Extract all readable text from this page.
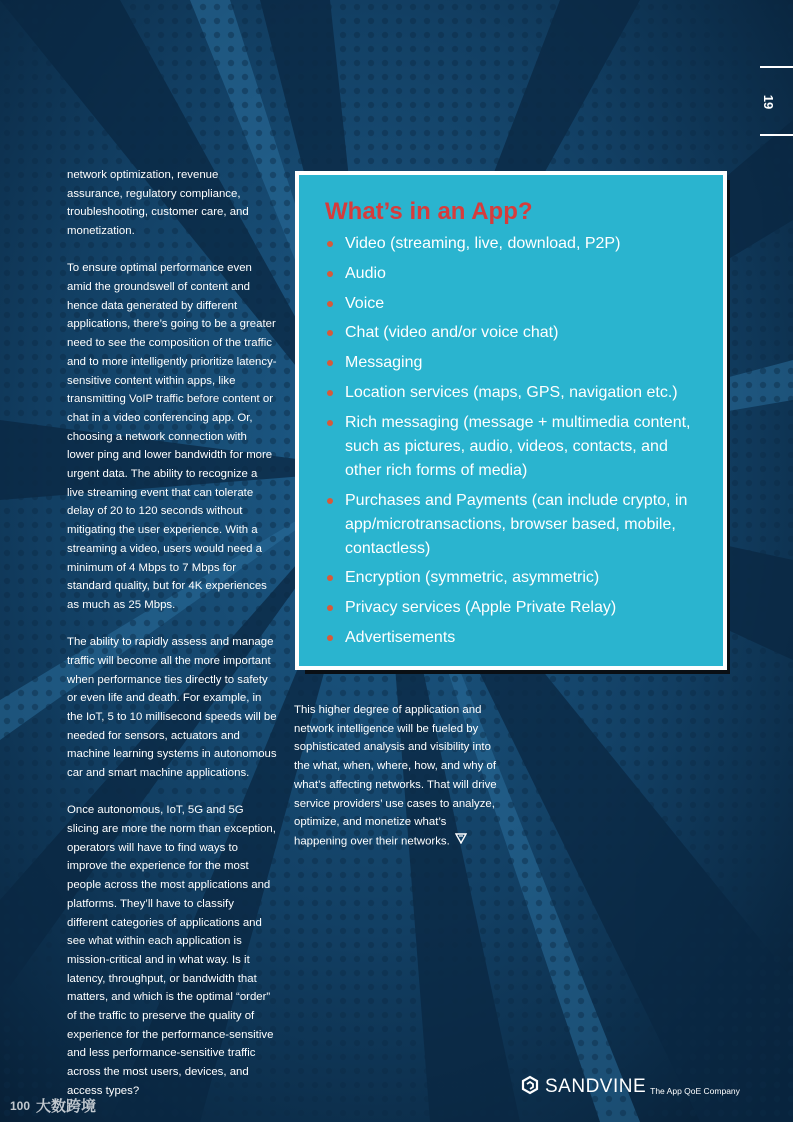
19

network optimization, revenue assurance, regulatory compliance, troubleshooting, customer care, and monetization.

To ensure optimal performance even amid the groundswell of content and hence data generated by different applications, there’s going to be a greater need to see the composition of the traffic and to more intelligently prioritize latency-sensitive content within apps, like transmitting VoIP traffic before content or chat in a video conferencing app. Or, choosing a network connection with lower ping and lower bandwidth for more urgent data. The ability to recognize a live streaming event that can tolerate delay of 20 to 120 seconds without mitigating the user experience. With a streaming a video, users would need a minimum of 4 Mbps to 7 Mbps for standard quality, but for 4K experiences as much as 25 Mbps.

The ability to rapidly assess and manage traffic will become all the more important when performance ties directly to safety or even life and death. For example, in the IoT, 5 to 10 millisecond speeds will be needed for sensors, actuators and machine learning systems in autonomous car and smart machine applications.

Once autonomous, IoT, 5G and 5G slicing are more the norm than exception, operators will have to find ways to improve the experience for the most people across the most applications and platforms. They’ll have to classify different categories of applications and see what within each application is mission-critical and in what way. Is it latency, throughput, or bandwidth that matters, and which is the optimal “order” of the traffic to preserve the quality of experience for the performance-sensitive and less performance-sensitive traffic across the most users, devices, and access types?

What’s in an App?
Video (streaming, live, download, P2P)
Audio
Voice
Chat (video and/or voice chat)
Messaging
Location services (maps, GPS, navigation etc.)
Rich messaging (message + multimedia content, such as pictures, audio, videos, contacts, and other rich forms of media)
Purchases and Payments (can include crypto, in app/microtransactions, browser based, mobile, contactless)
Encryption (symmetric, asymmetric)
Privacy services (Apple Private Relay)
Advertisements

This higher degree of application and network intelligence will be fueled by sophisticated analysis and visibility into the what, when, where, how, and why of what’s affecting networks. That will drive service providers’ use cases to analyze, optimize, and monetize what’s happening over their networks.

SANDVINE The App QoE Company
100 大数跨境
